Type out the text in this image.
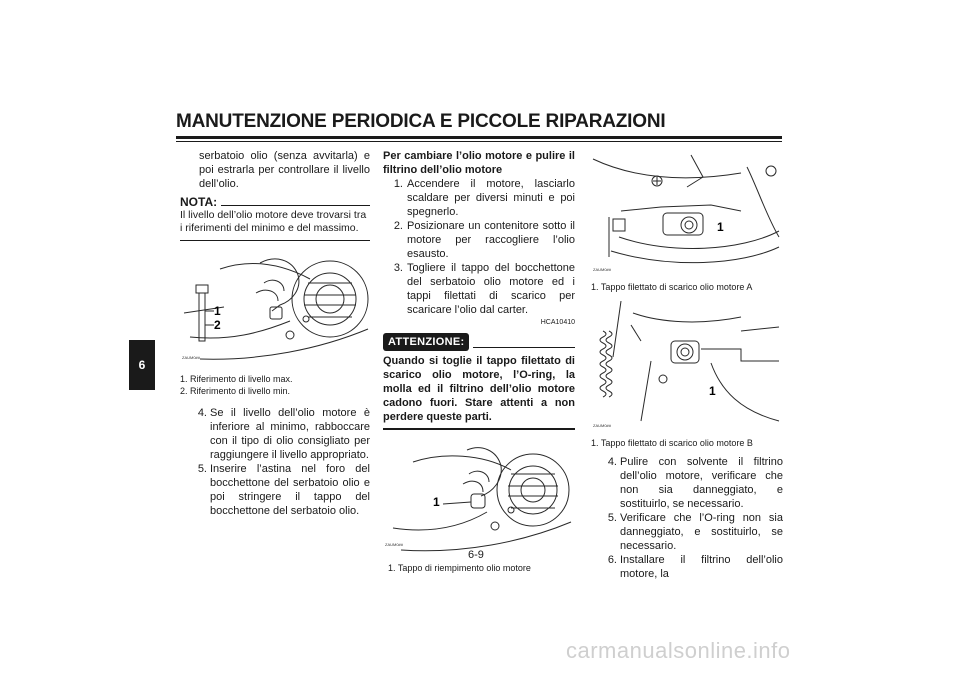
MANUTENZIONE PERIODICA E PICCOLE RIPARAZIONI
6

serbatoio olio (senza avvitarla) e poi estrarla per controllare il livello dell’olio.

NOTA:

Il livello dell’olio motore deve trovarsi tra i riferimenti del minimo e del massimo.

1
2
ZAUM0##
1. Riferimento di livello max.
2. Riferimento di livello min.
4. Se il livello dell’olio motore è inferiore al minimo, rabboccare con il tipo di olio consigliato per raggiungere il livello appropriato.
5. Inserire l’astina nel foro del bocchettone del serbatoio olio e poi stringere il tappo del bocchettone del serbatoio olio.

Per cambiare l’olio motore e pulire il filtrino dell’olio motore

1. Accendere il motore, lasciarlo scaldare per diversi minuti e poi spegnerlo.
2. Posizionare un contenitore sotto il motore per raccogliere l’olio esausto.
3. Togliere il tappo del bocchettone del serbatoio olio motore ed i tappi filettati di scarico per scaricare l’olio dal carter.
HCA10410
ATTENZIONE:

Quando si toglie il tappo filettato di scarico olio motore, l’O-ring, la molla ed il filtrino dell’olio motore cadono fuori. Stare attenti a non perdere queste parti.

1
ZAUM0##
1. Tappo di riempimento olio motore
1
ZAUM0##
1. Tappo filettato di scarico olio motore A
1
ZAUM0##
1. Tappo filettato di scarico olio motore B
4. Pulire con solvente il filtrino dell’olio motore, verificare che non sia danneggiato, e sostituirlo, se necessario.
5. Verificare che l’O-ring non sia danneggiato, e sostituirlo, se necessario.
6. Installare il filtrino dell’olio motore, la
6-9
carmanualsonline.info
